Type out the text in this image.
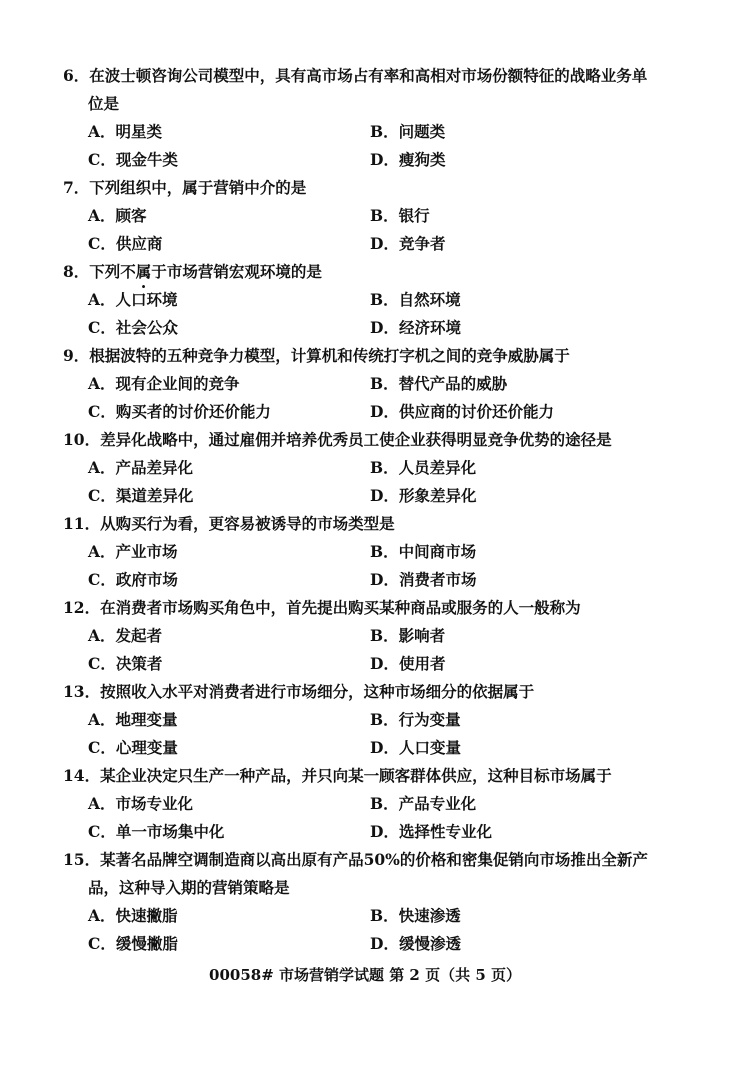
6．在波士顿咨询公司模型中，具有高市场占有率和高相对市场份额特征的战略业务单
位是
A．明星类	B．问题类
C．现金牛类	D．瘦狗类
7．下列组织中，属于营销中介的是
A．顾客	B．银行
C．供应商	D．竞争者
8．下列不属于市场营销宏观环境的是
A．人口环境	B．自然环境
C．社会公众	D．经济环境
9．根据波特的五种竞争力模型，计算机和传统打字机之间的竞争威胁属于
A．现有企业间的竞争	B．替代产品的威胁
C．购买者的讨价还价能力	D．供应商的讨价还价能力
10．差异化战略中，通过雇佣并培养优秀员工使企业获得明显竞争优势的途径是
A．产品差异化	B．人员差异化
C．渠道差异化	D．形象差异化
11．从购买行为看，更容易被诱导的市场类型是
A．产业市场	B．中间商市场
C．政府市场	D．消费者市场
12．在消费者市场购买角色中，首先提出购买某种商品或服务的人一般称为
A．发起者	B．影响者
C．决策者	D．使用者
13．按照收入水平对消费者进行市场细分，这种市场细分的依据属于
A．地理变量	B．行为变量
C．心理变量	D．人口变量
14．某企业决定只生产一种产品，并只向某一顾客群体供应，这种目标市场属于
A．市场专业化	B．产品专业化
C．单一市场集中化	D．选择性专业化
15．某著名品牌空调制造商以高出原有产品50%的价格和密集促销向市场推出全新产
品，这种导入期的营销策略是
A．快速撇脂	B．快速渗透
C．缓慢撇脂	D．缓慢渗透
00058# 市场营销学试题 第 2 页（共 5 页）
